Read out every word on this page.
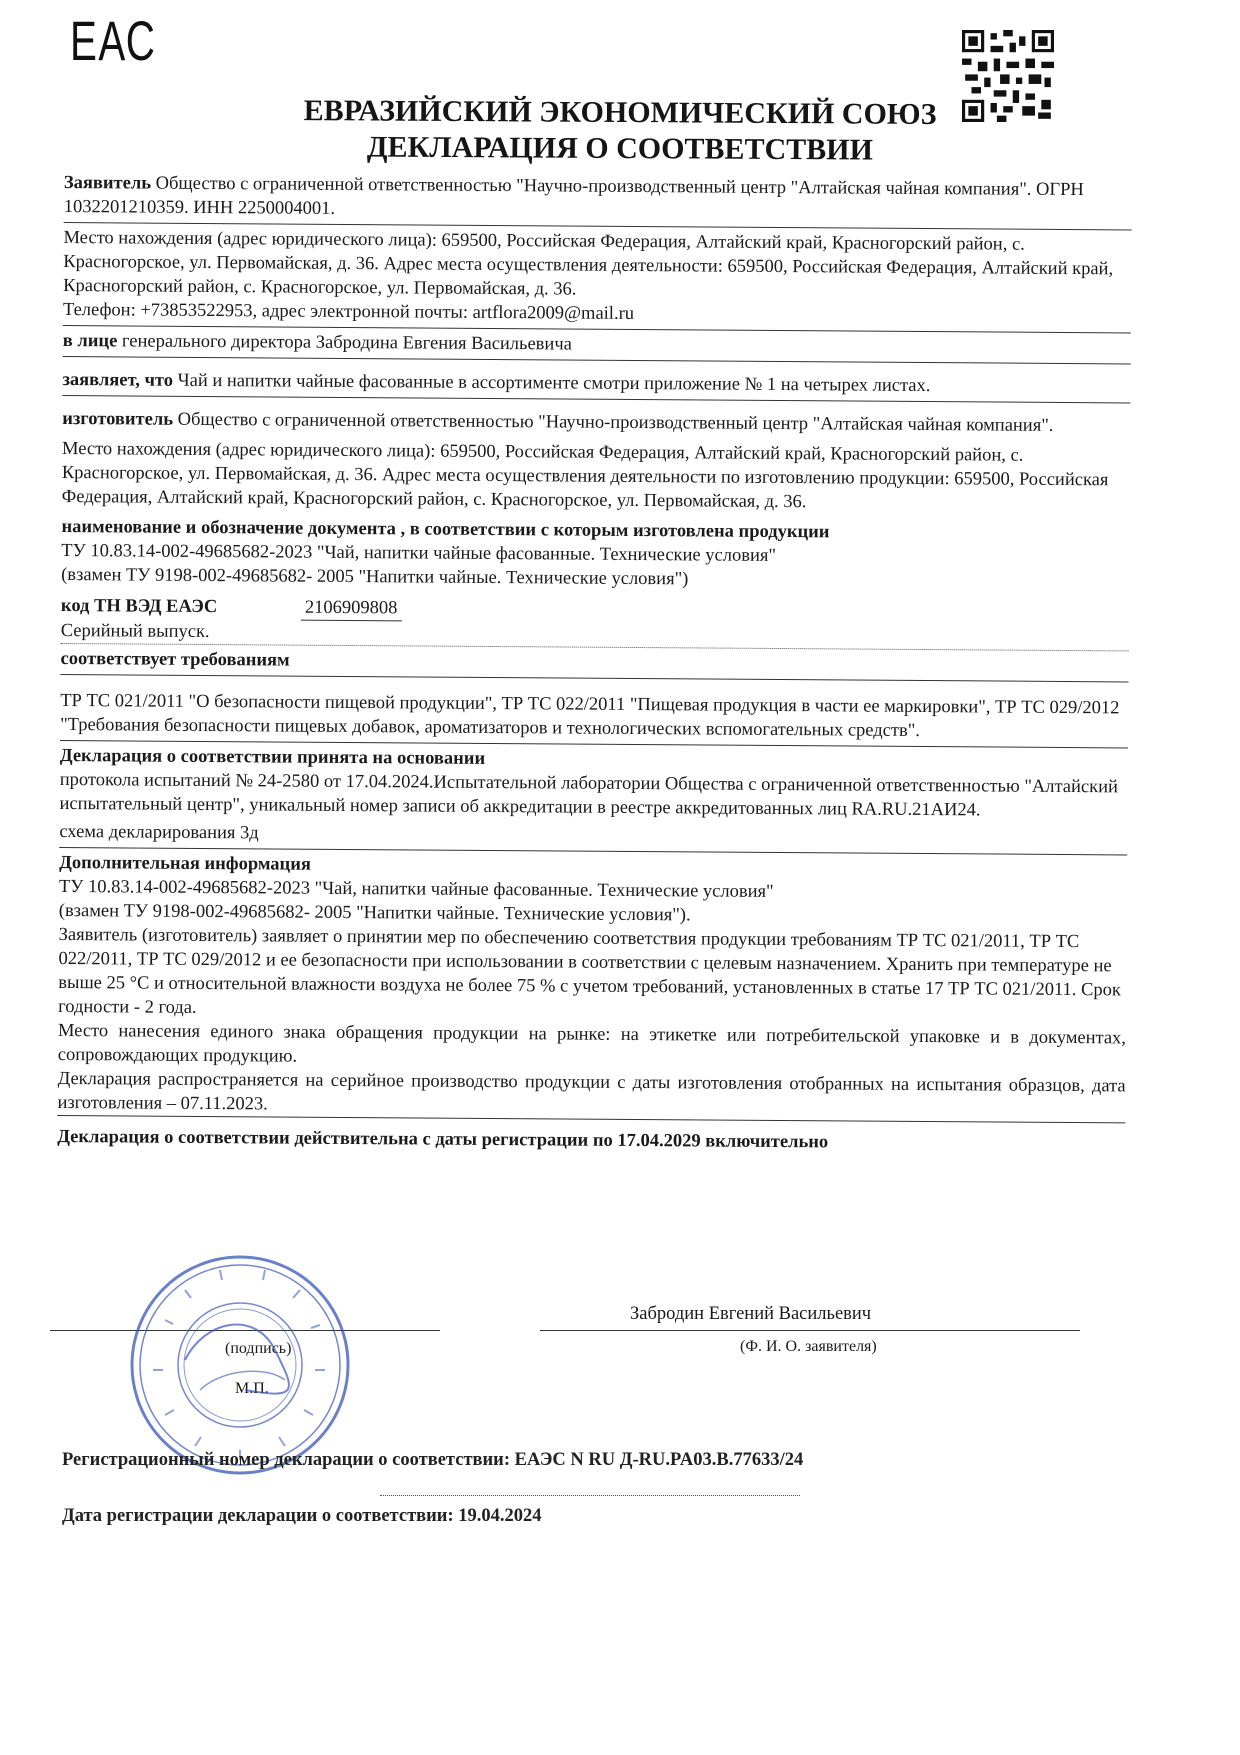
ЕАС
ЕВРАЗИЙСКИЙ ЭКОНОМИЧЕСКИЙ СОЮЗ
ДЕКЛАРАЦИЯ О СООТВЕТСТВИИ

Заявитель Общество с ограниченной ответственностью "Научно-производственный центр "Алтайская чайная компания". ОГРН 1032201210359. ИНН 2250004001.

Место нахождения (адрес юридического лица): 659500, Российская Федерация, Алтайский край, Красногорский район, с. Красногорское, ул. Первомайская, д. 36. Адрес места осуществления деятельности: 659500, Российская Федерация, Алтайский край, Красногорский район, с. Красногорское, ул. Первомайская, д. 36.

Телефон: +73853522953, адрес электронной почты: artflora2009@mail.ru

в лице генерального директора Забродина Евгения Васильевича

заявляет, что Чай и напитки чайные фасованные в ассортименте смотри приложение № 1 на четырех листах.

изготовитель Общество с ограниченной ответственностью "Научно-производственный центр "Алтайская чайная компания".

Место нахождения (адрес юридического лица): 659500, Российская Федерация, Алтайский край, Красногорский район, с. Красногорское, ул. Первомайская, д. 36. Адрес места осуществления деятельности по изготовлению продукции: 659500, Российская Федерация, Алтайский край, Красногорский район, с. Красногорское, ул. Первомайская, д. 36.

наименование и обозначение документа , в соответствии с которым изготовлена продукции

ТУ 10.83.14-002-49685682-2023 "Чай, напитки чайные фасованные. Технические условия"

(взамен ТУ 9198-002-49685682- 2005 "Напитки чайные. Технические условия")

код ТН ВЭД ЕАЭС	2106909808
Серийный выпуск.

соответствует требованиям

ТР ТС 021/2011 "О безопасности пищевой продукции", ТР ТС 022/2011 "Пищевая продукция в части ее маркировки", ТР ТС 029/2012 "Требования безопасности пищевых добавок, ароматизаторов и технологических вспомогательных средств".

Декларация о соответствии принята на основании

протокола испытаний № 24-2580 от 17.04.2024.Испытательной лаборатории Общества с ограниченной ответственностью "Алтайский испытательный центр", уникальный номер записи об аккредитации в реестре аккредитованных лиц RA.RU.21АИ24.

схема декларирования 3д

Дополнительная информация

ТУ 10.83.14-002-49685682-2023 "Чай, напитки чайные фасованные. Технические условия"

(взамен ТУ 9198-002-49685682- 2005 "Напитки чайные. Технические условия").

Заявитель (изготовитель) заявляет о принятии мер по обеспечению соответствия продукции требованиям ТР ТС 021/2011, ТР ТС 022/2011, ТР ТС 029/2012 и ее безопасности при использовании в соответствии с целевым назначением. Хранить при температуре не выше 25 °С и относительной влажности воздуха не более 75 % с учетом требований, установленных в статье 17 ТР ТС 021/2011. Срок годности - 2 года.

Место нанесения единого знака обращения продукции на рынке: на этикетке или потребительской упаковке и в документах, сопровождающих продукцию.

Декларация распространяется на серийное производство продукции с даты изготовления отобранных на испытания образцов, дата изготовления – 07.11.2023.

Декларация о соответствии действительна с даты регистрации по 17.04.2029 включительно

Забродин Евгений Васильевич
(Ф. И. О. заявителя)
(подпись)
М.П.
Регистрационный номер декларации о соответствии: ЕАЭС N RU Д-RU.PA03.B.77633/24
Дата регистрации декларации о соответствии: 19.04.2024
